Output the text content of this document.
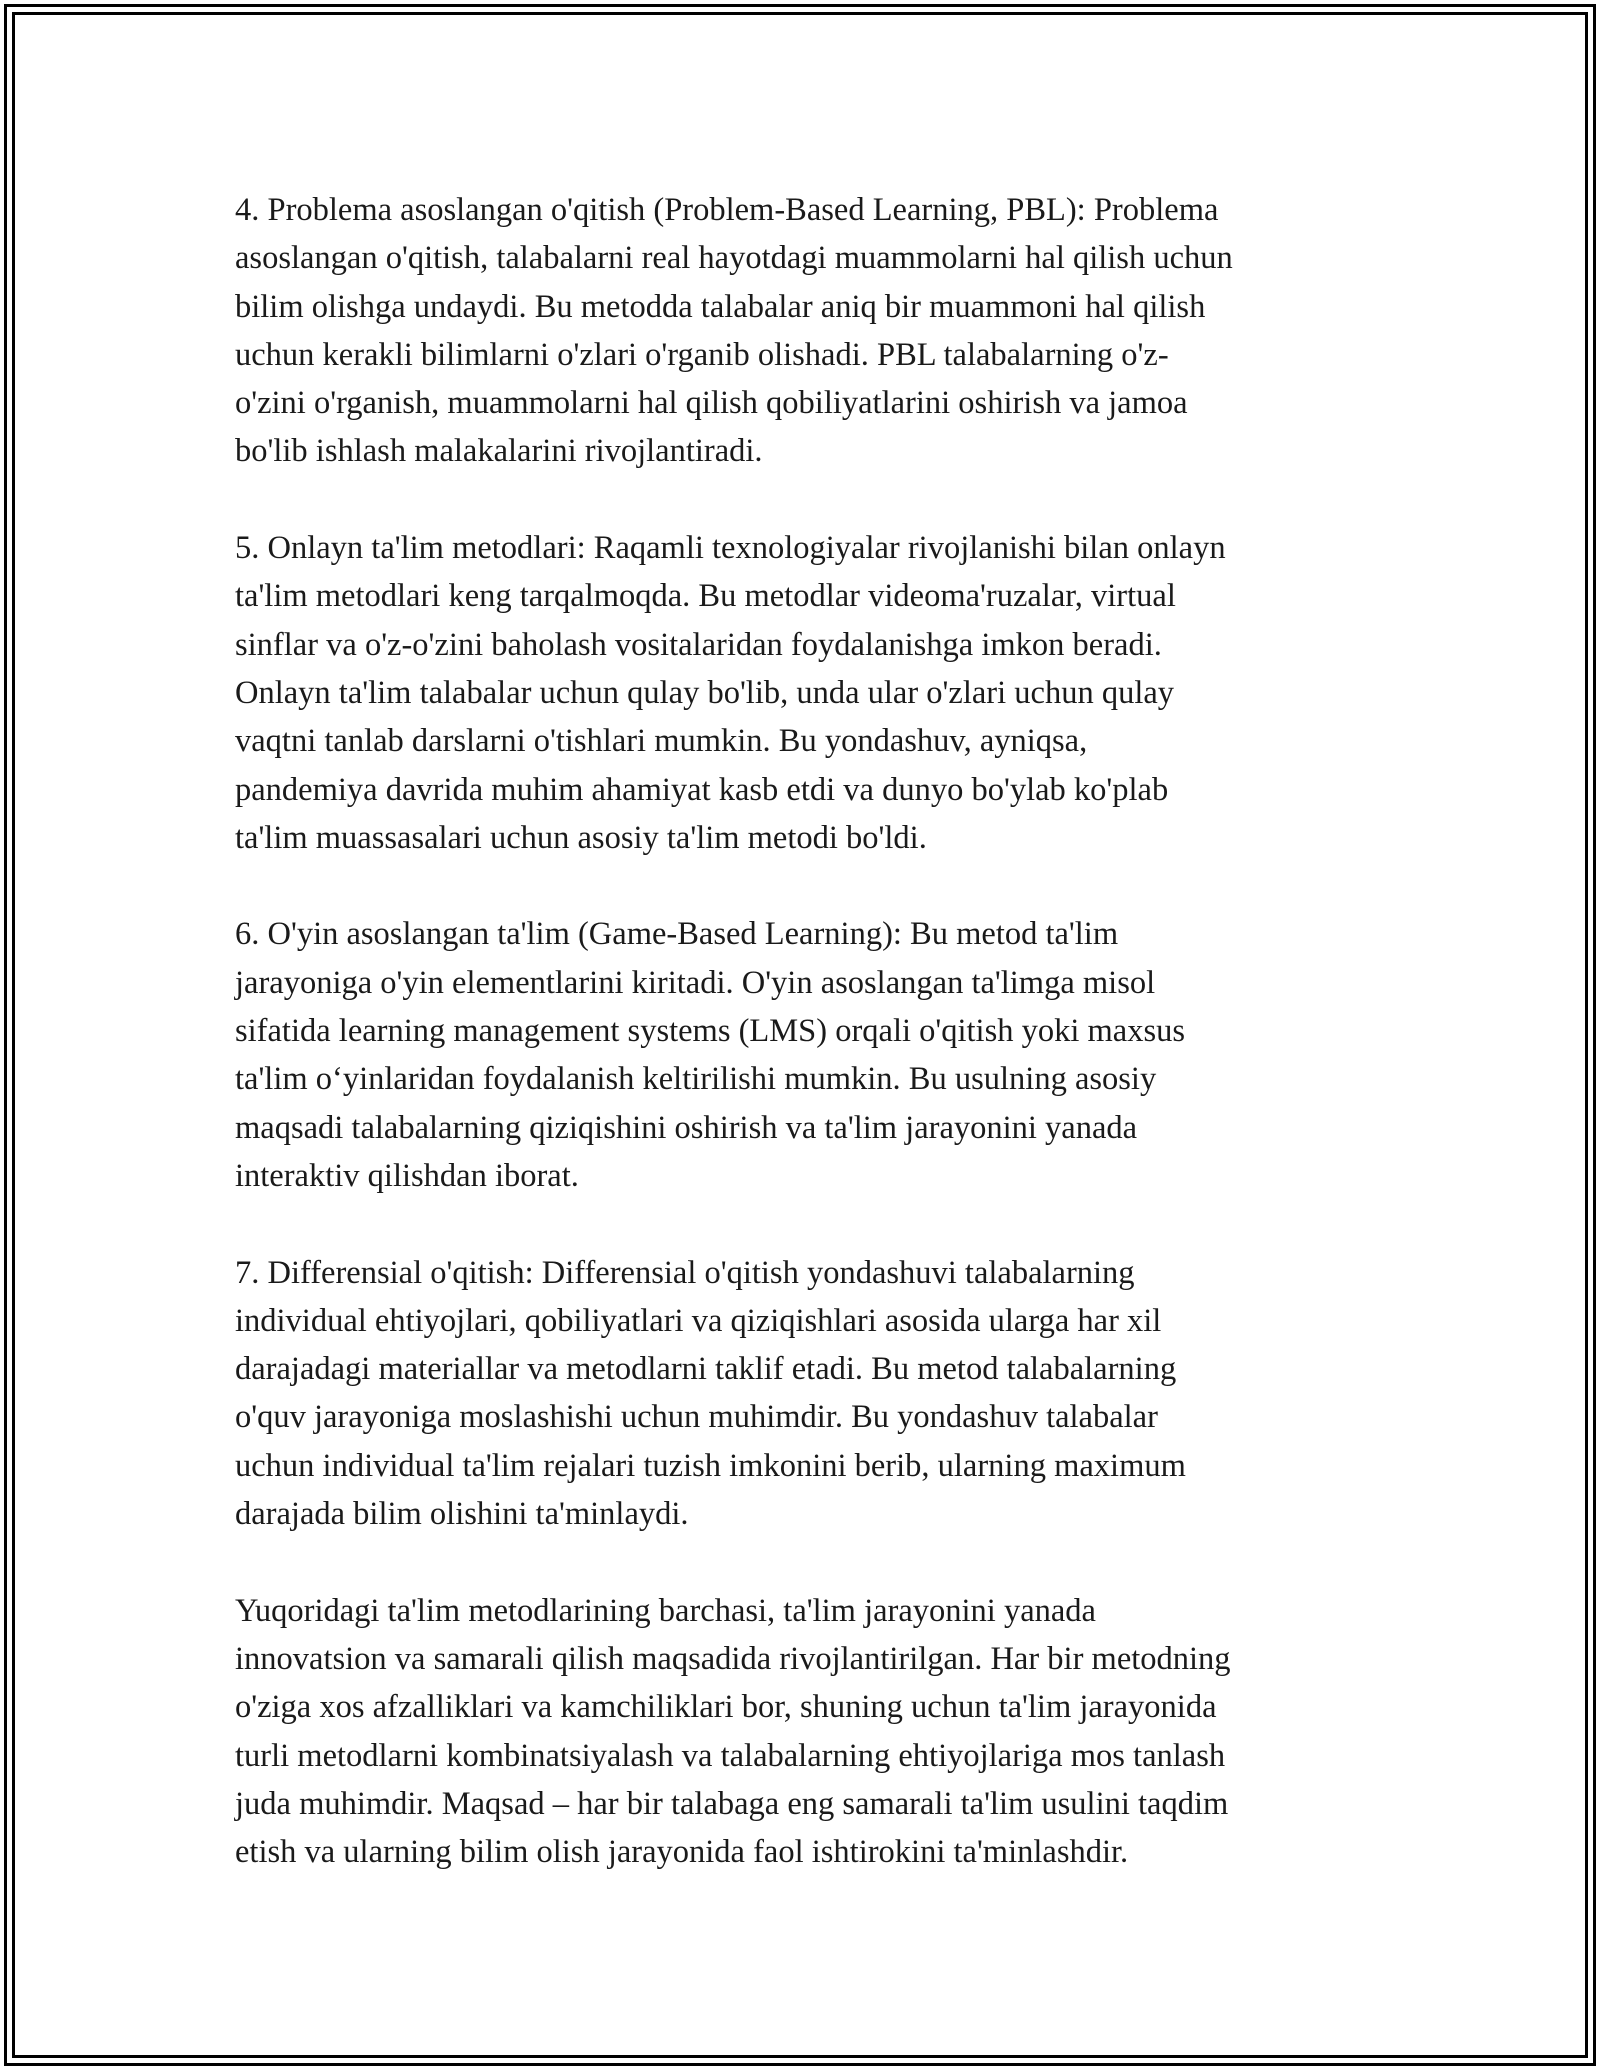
4. Problema asoslangan o'qitish (Problem-Based Learning, PBL): Problema
asoslangan o'qitish, talabalarni real hayotdagi muammolarni hal qilish uchun
bilim olishga undaydi. Bu metodda talabalar aniq bir muammoni hal qilish
uchun kerakli bilimlarni o'zlari o'rganib olishadi. PBL talabalarning o'z-
o'zini o'rganish, muammolarni hal qilish qobiliyatlarini oshirish va jamoa
bo'lib ishlash malakalarini rivojlantiradi.

5. Onlayn ta'lim metodlari: Raqamli texnologiyalar rivojlanishi bilan onlayn
ta'lim metodlari keng tarqalmoqda. Bu metodlar videoma'ruzalar, virtual
sinflar va o'z-o'zini baholash vositalaridan foydalanishga imkon beradi.
Onlayn ta'lim talabalar uchun qulay bo'lib, unda ular o'zlari uchun qulay
vaqtni tanlab darslarni o'tishlari mumkin. Bu yondashuv, ayniqsa,
pandemiya davrida muhim ahamiyat kasb etdi va dunyo bo'ylab ko'plab
ta'lim muassasalari uchun asosiy ta'lim metodi bo'ldi.

6. O'yin asoslangan ta'lim (Game-Based Learning): Bu metod ta'lim
jarayoniga o'yin elementlarini kiritadi. O'yin asoslangan ta'limga misol
sifatida learning management systems (LMS) orqali o'qitish yoki maxsus
ta'lim o‘yinlaridan foydalanish keltirilishi mumkin. Bu usulning asosiy
maqsadi talabalarning qiziqishini oshirish va ta'lim jarayonini yanada
interaktiv qilishdan iborat.

7. Differensial o'qitish: Differensial o'qitish yondashuvi talabalarning
individual ehtiyojlari, qobiliyatlari va qiziqishlari asosida ularga har xil
darajadagi materiallar va metodlarni taklif etadi. Bu metod talabalarning
o'quv jarayoniga moslashishi uchun muhimdir. Bu yondashuv talabalar
uchun individual ta'lim rejalari tuzish imkonini berib, ularning maximum
darajada bilim olishini ta'minlaydi.

Yuqoridagi ta'lim metodlarining barchasi, ta'lim jarayonini yanada
innovatsion va samarali qilish maqsadida rivojlantirilgan. Har bir metodning
o'ziga xos afzalliklari va kamchiliklari bor, shuning uchun ta'lim jarayonida
turli metodlarni kombinatsiyalash va talabalarning ehtiyojlariga mos tanlash
juda muhimdir. Maqsad – har bir talabaga eng samarali ta'lim usulini taqdim
etish va ularning bilim olish jarayonida faol ishtirokini ta'minlashdir.
